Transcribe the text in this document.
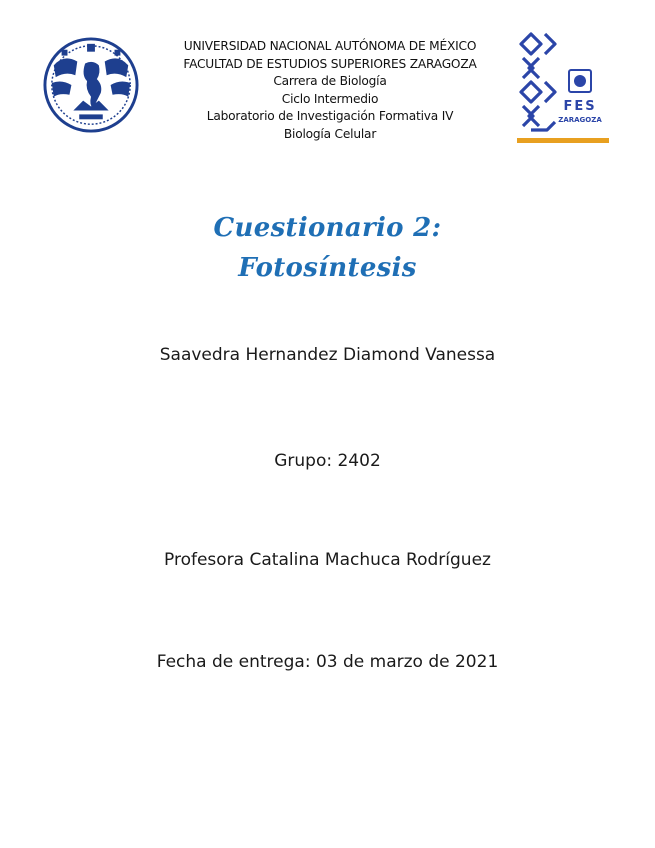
UNIVERSIDAD NACIONAL AUTÓNOMA DE MÉXICO
FACULTAD DE ESTUDIOS SUPERIORES ZARAGOZA
Carrera de Biología
Ciclo Intermedio
Laboratorio de Investigación Formativa IV
Biología Celular
FES
ZARAGOZA
Cuestionario 2:
Fotosíntesis
Saavedra Hernandez Diamond Vanessa
Grupo: 2402
Profesora Catalina Machuca Rodríguez
Fecha de entrega: 03 de marzo de 2021
